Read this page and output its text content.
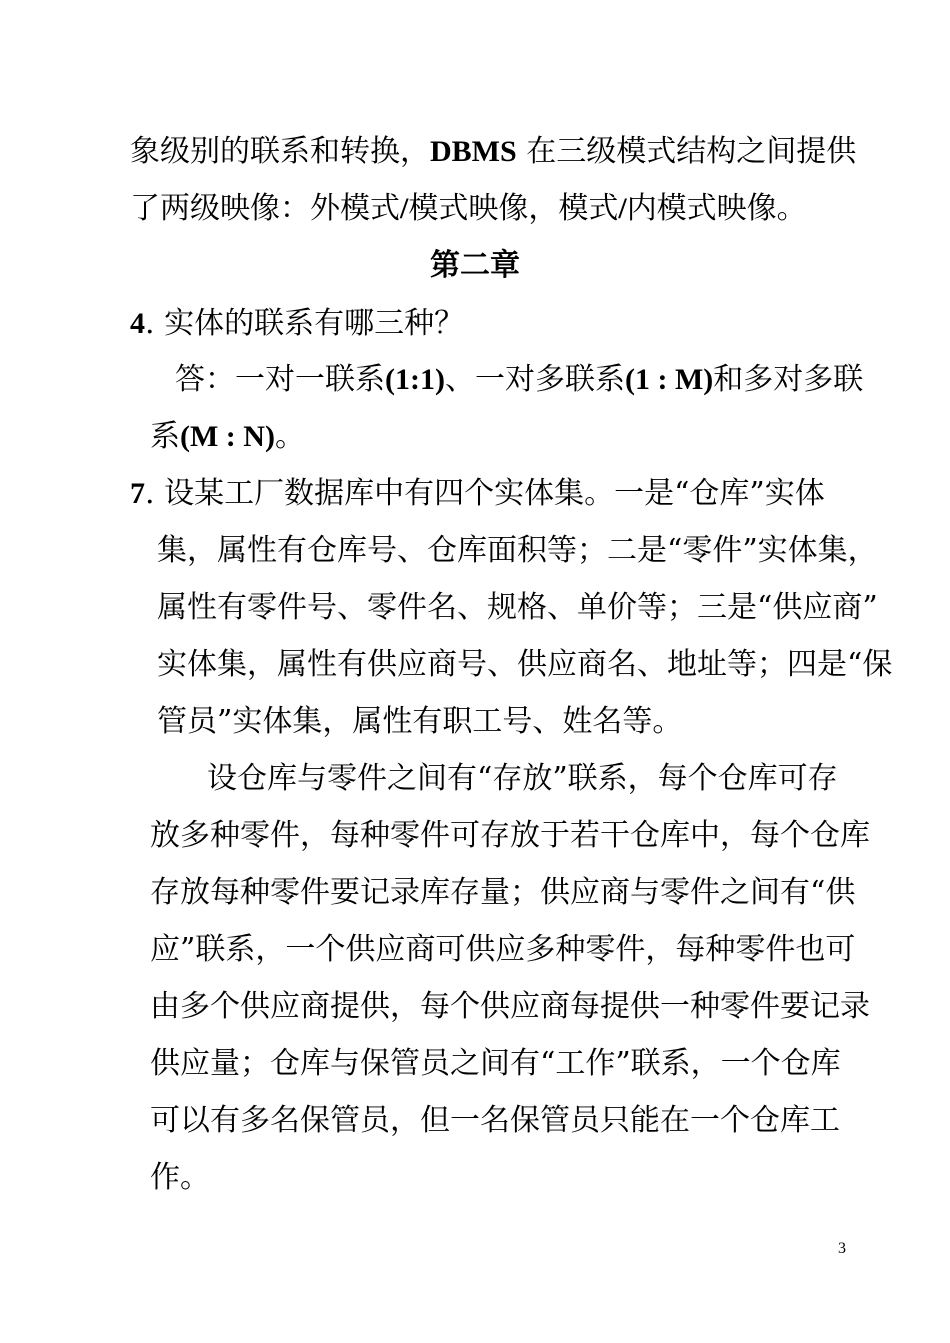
象级别的联系和转换，DBMS 在三级模式结构之间提供
了两级映像：外模式/模式映像，模式/内模式映像。
第二章
4. 实体的联系有哪三种？
答：一对一联系(1:1)、一对多联系(1 : M)和多对多联
系(M : N)。
7. 设某工厂数据库中有四个实体集。一是“仓库”实体
集，属性有仓库号、仓库面积等；二是“零件”实体集，
属性有零件号、零件名、规格、单价等；三是“供应商”
实体集，属性有供应商号、供应商名、地址等；四是“保
管员”实体集，属性有职工号、姓名等。
设仓库与零件之间有“存放”联系，每个仓库可存
放多种零件，每种零件可存放于若干仓库中，每个仓库
存放每种零件要记录库存量；供应商与零件之间有“供
应”联系，一个供应商可供应多种零件，每种零件也可
由多个供应商提供，每个供应商每提供一种零件要记录
供应量；仓库与保管员之间有“工作”联系，一个仓库
可以有多名保管员，但一名保管员只能在一个仓库工
作。
3
